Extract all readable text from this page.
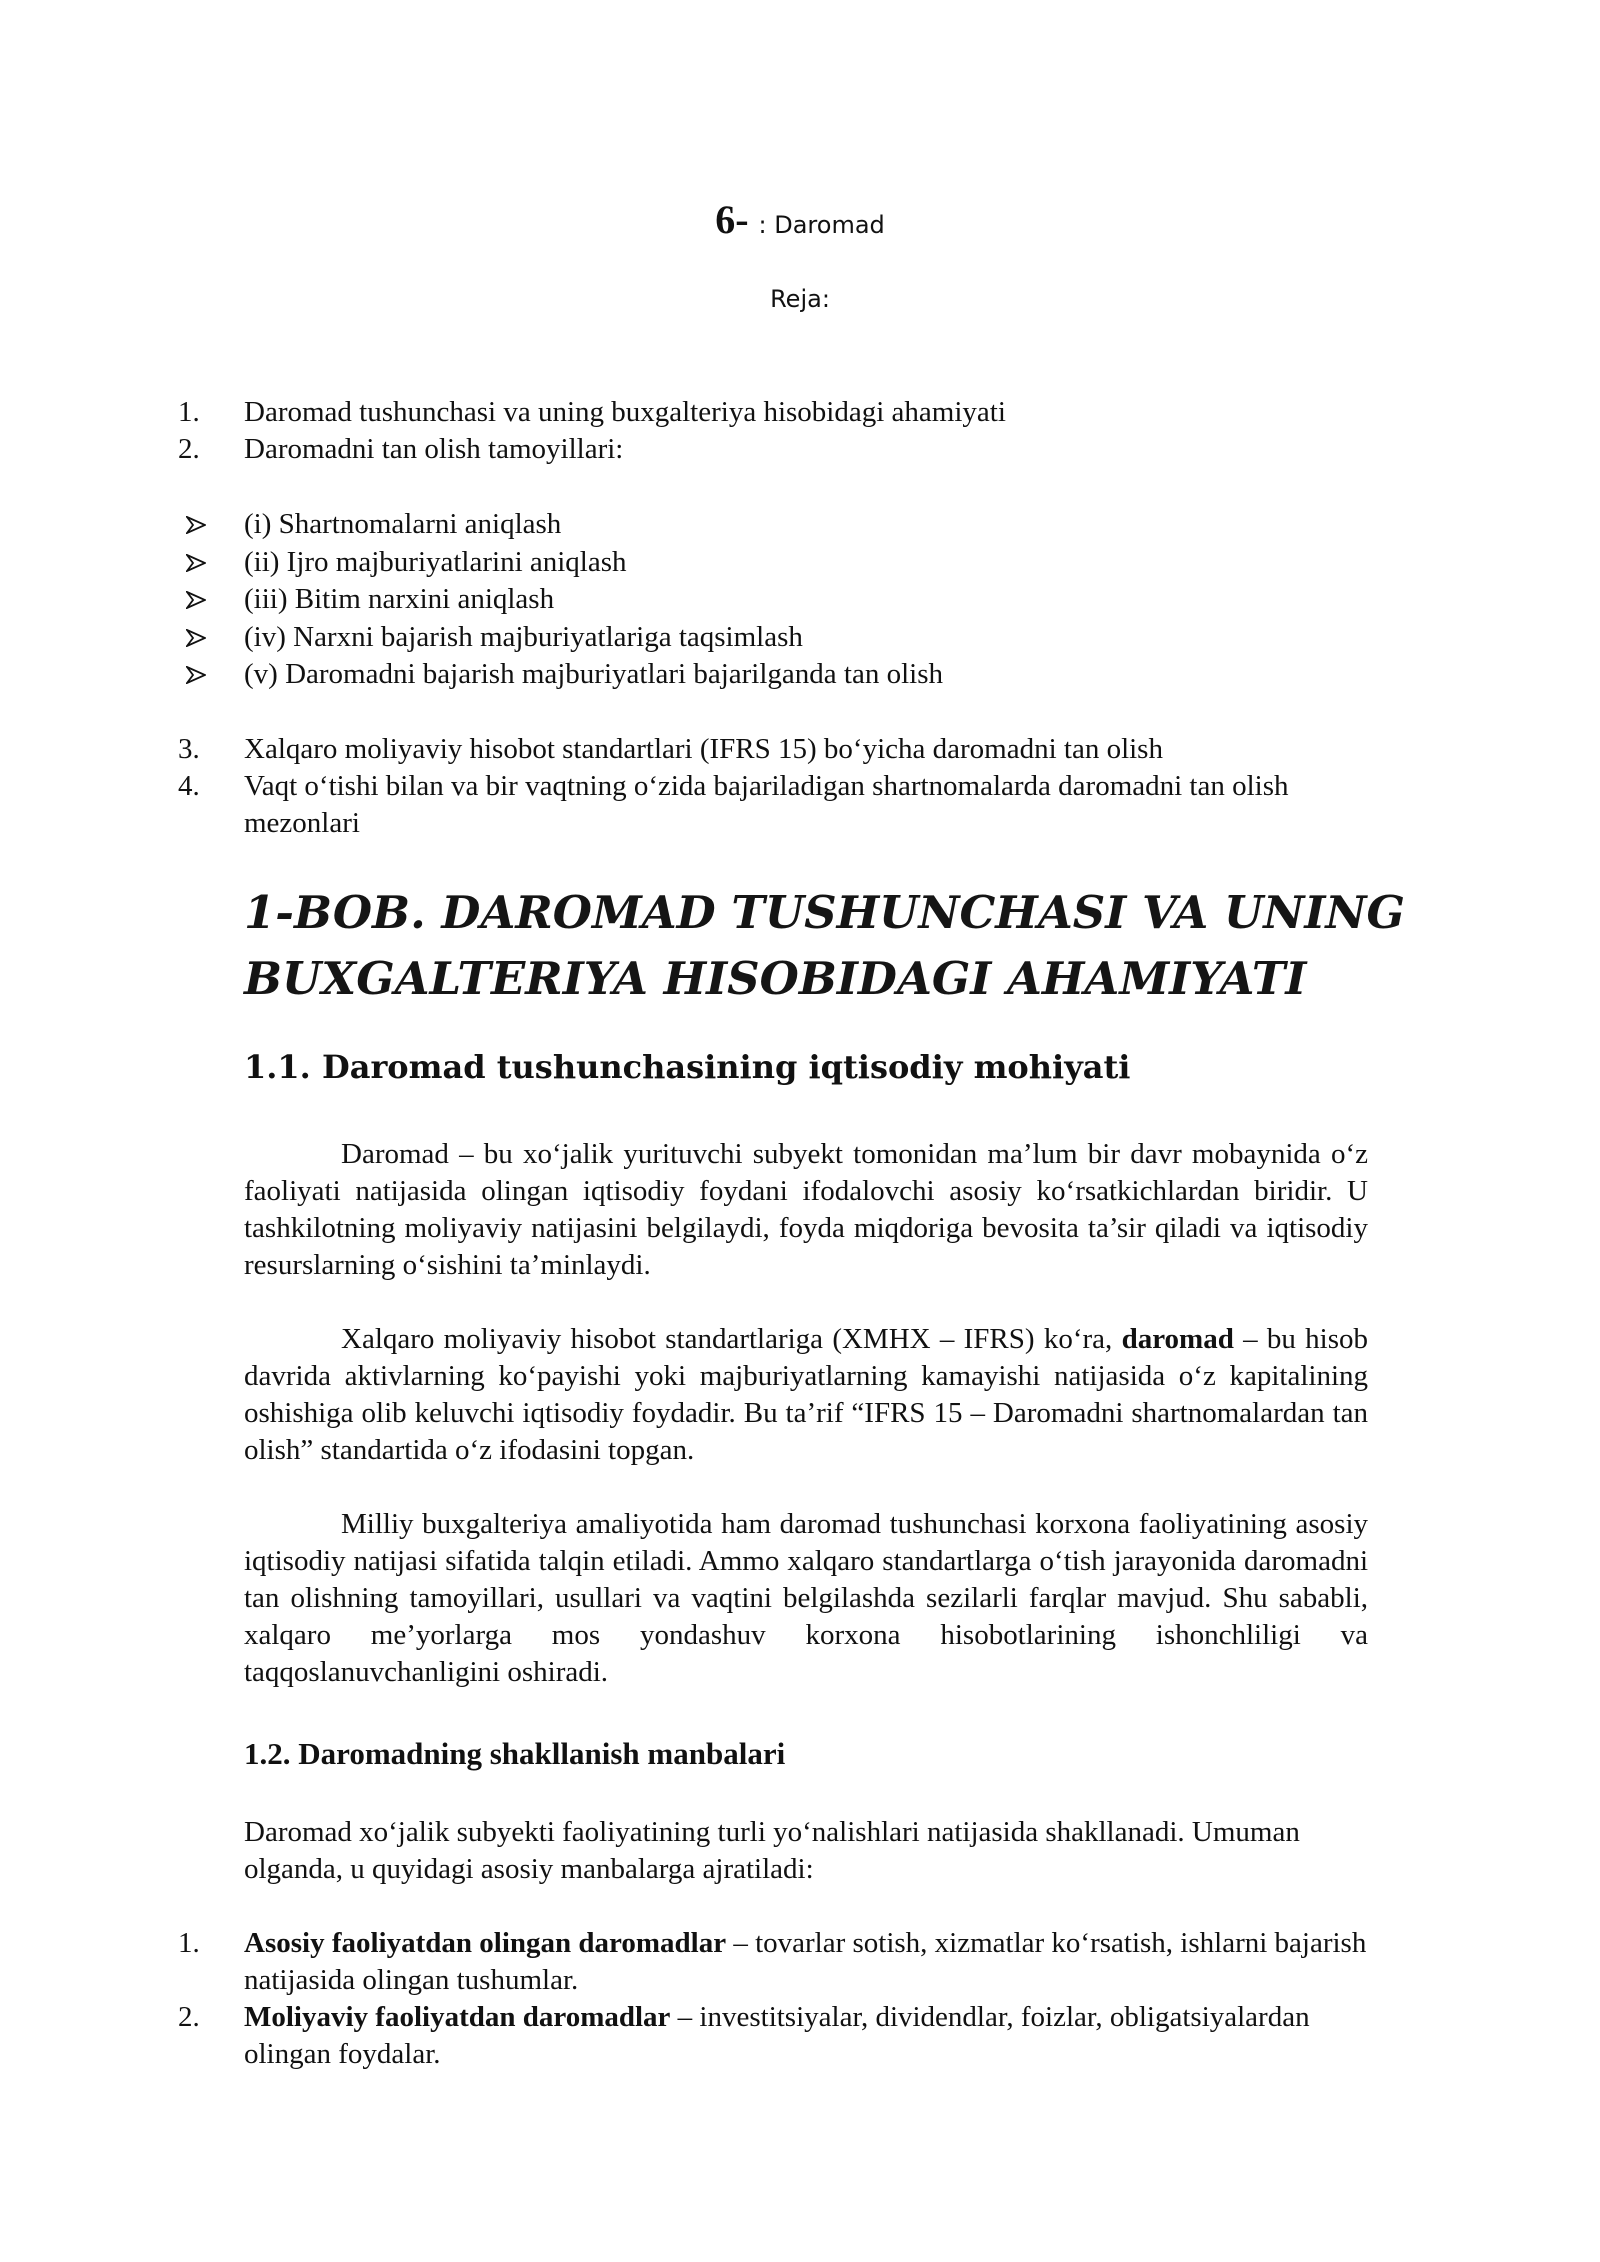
6- : Daromad
Reja:
1. Daromad tushunchasi va uning buxgalteriya hisobidagi ahamiyati
2. Daromadni tan olish tamoyillari:
(i) Shartnomalarni aniqlash
(ii) Ijro majburiyatlarini aniqlash
(iii) Bitim narxini aniqlash
(iv) Narxni bajarish majburiyatlariga taqsimlash
(v) Daromadni bajarish majburiyatlari bajarilganda tan olish
3. Xalqaro moliyaviy hisobot standartlari (IFRS 15) bo‘yicha daromadni tan olish
4. Vaqt o‘tishi bilan va bir vaqtning o‘zida bajariladigan shartnomalarda daromadni tan olish mezonlari
1-BOB. DAROMAD TUSHUNCHASI VA UNING BUXGALTERIYA HISOBIDAGI AHAMIYATI
1.1. Daromad tushunchasining iqtisodiy mohiyati

Daromad – bu xo‘jalik yurituvchi subyekt tomonidan ma’lum bir davr mobaynida o‘z faoliyati natijasida olingan iqtisodiy foydani ifodalovchi asosiy ko‘rsatkichlardan biridir. U tashkilotning moliyaviy natijasini belgilaydi, foyda miqdoriga bevosita ta’sir qiladi va iqtisodiy resurslarning o‘sishini ta’minlaydi.

Xalqaro moliyaviy hisobot standartlariga (XMHX – IFRS) ko‘ra, daromad – bu hisob davrida aktivlarning ko‘payishi yoki majburiyatlarning kamayishi natijasida o‘z kapitalining oshishiga olib keluvchi iqtisodiy foydadir. Bu ta’rif “IFRS 15 – Daromadni shartnomalardan tan olish” standartida o‘z ifodasini topgan.

Milliy buxgalteriya amaliyotida ham daromad tushunchasi korxona faoliyatining asosiy iqtisodiy natijasi sifatida talqin etiladi. Ammo xalqaro standartlarga o‘tish jarayonida daromadni tan olishning tamoyillari, usullari va vaqtini belgilashda sezilarli farqlar mavjud. Shu sababli, xalqaro me’yorlarga mos yondashuv korxona hisobotlarining ishonchliligi va taqqoslanuvchanligini oshiradi.

1.2. Daromadning shakllanish manbalari

Daromad xo‘jalik subyekti faoliyatining turli yo‘nalishlari natijasida shakllanadi. Umuman olganda, u quyidagi asosiy manbalarga ajratiladi:

1. Asosiy faoliyatdan olingan daromadlar – tovarlar sotish, xizmatlar ko‘rsatish, ishlarni bajarish natijasida olingan tushumlar.
2. Moliyaviy faoliyatdan daromadlar – investitsiyalar, dividendlar, foizlar, obligatsiyalardan olingan foydalar.
